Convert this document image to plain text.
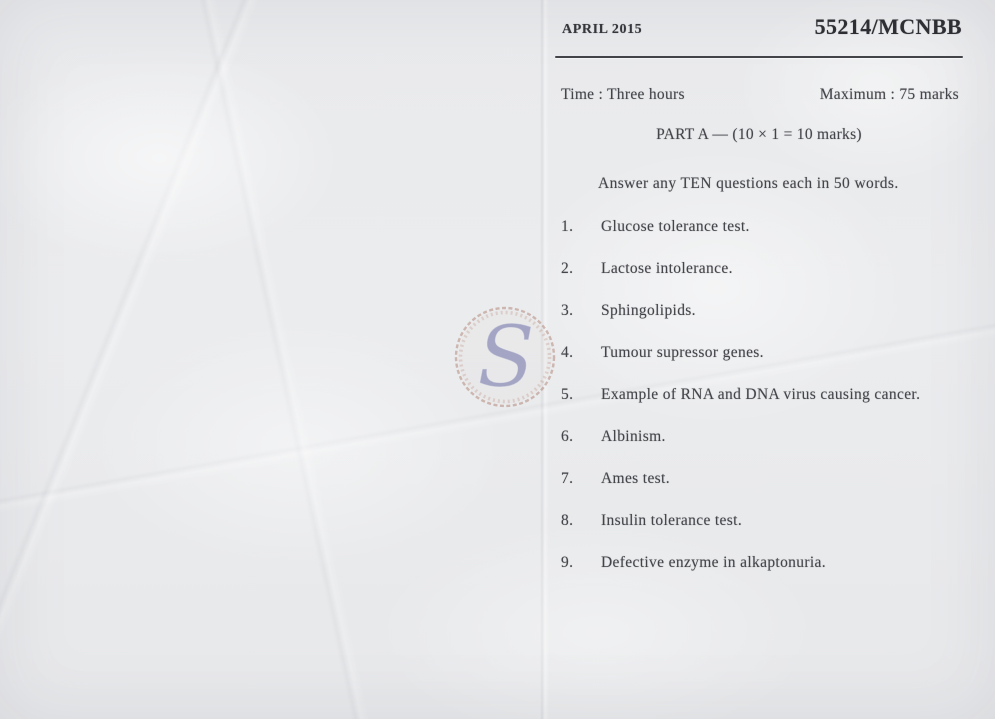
APRIL 2015	55214/MCNBB
Time : Three hours	Maximum : 75 marks
PART A — (10 × 1 = 10 marks)
Answer any TEN questions each in 50 words.
1.	Glucose tolerance test.
2.	Lactose intolerance.
3.	Sphingolipids.
4.	Tumour supressor genes.
5.	Example of RNA and DNA virus causing cancer.
6.	Albinism.
7.	Ames test.
8.	Insulin tolerance test.
9.	Defective enzyme in alkaptonuria.
S
